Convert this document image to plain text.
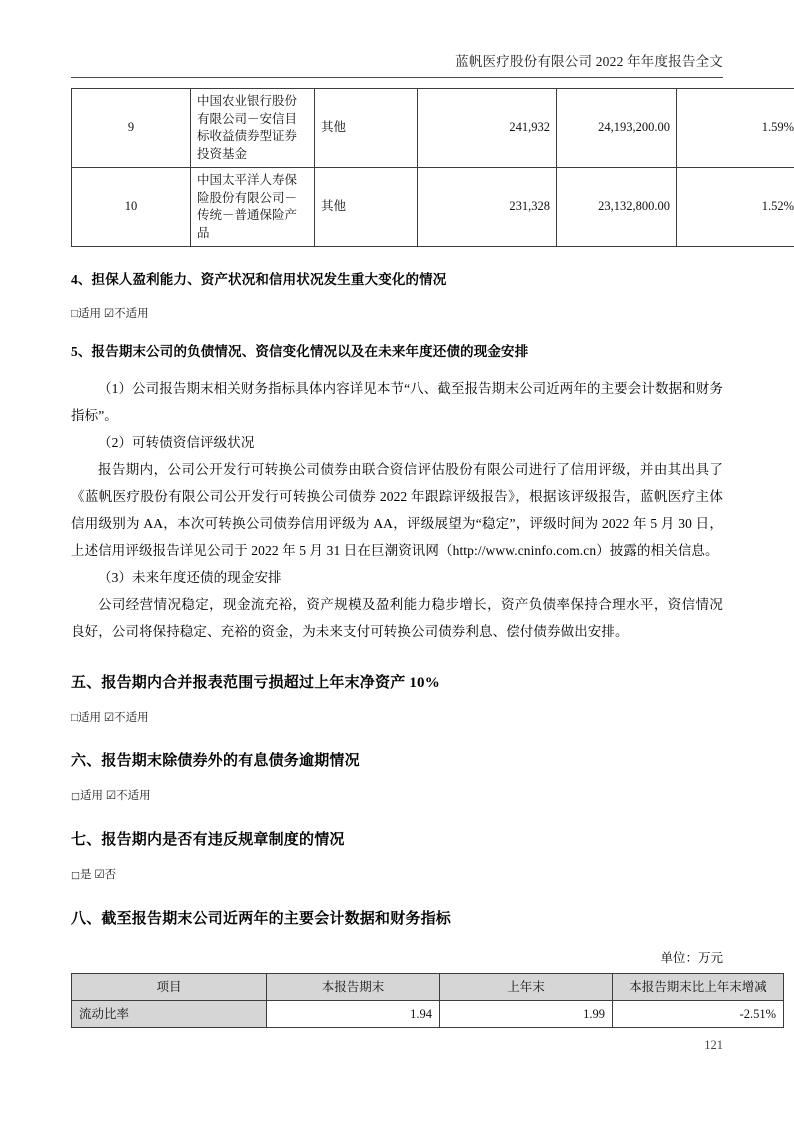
蓝帆医疗股份有限公司 2022 年年度报告全文
9	中国农业银行股份有限公司－安信目标收益债券型证券投资基金	其他	241,932	24,193,200.00	1.59%
10	中国太平洋人寿保险股份有限公司－传统－普通保险产品	其他	231,328	23,132,800.00	1.52%
4、担保人盈利能力、资产状况和信用状况发生重大变化的情况

□适用 ☑不适用

5、报告期末公司的负债情况、资信变化情况以及在未来年度还债的现金安排

（1）公司报告期末相关财务指标具体内容详见本节“八、截至报告期末公司近两年的主要会计数据和财务指标”。

（2）可转债资信评级状况

报告期内，公司公开发行可转换公司债券由联合资信评估股份有限公司进行了信用评级，并由其出具了《蓝帆医疗股份有限公司公开发行可转换公司债券 2022 年跟踪评级报告》，根据该评级报告，蓝帆医疗主体信用级别为 AA，本次可转换公司债券信用评级为 AA，评级展望为“稳定”，评级时间为 2022 年 5 月 30 日，上述信用评级报告详见公司于 2022 年 5 月 31 日在巨潮资讯网（http://www.cninfo.com.cn）披露的相关信息。

（3）未来年度还债的现金安排

公司经营情况稳定，现金流充裕，资产规模及盈利能力稳步增长，资产负债率保持合理水平，资信情况良好，公司将保持稳定、充裕的资金，为未来支付可转换公司债券利息、偿付债券做出安排。

五、报告期内合并报表范围亏损超过上年末净资产 10%

□适用 ☑不适用

六、报告期末除债券外的有息债务逾期情况

□适用 ☑不适用

七、报告期内是否有违反规章制度的情况

□是 ☑否

八、截至报告期末公司近两年的主要会计数据和财务指标
单位：万元
项目	本报告期末	上年末	本报告期末比上年末增减
流动比率	1.94	1.99	-2.51%
121
